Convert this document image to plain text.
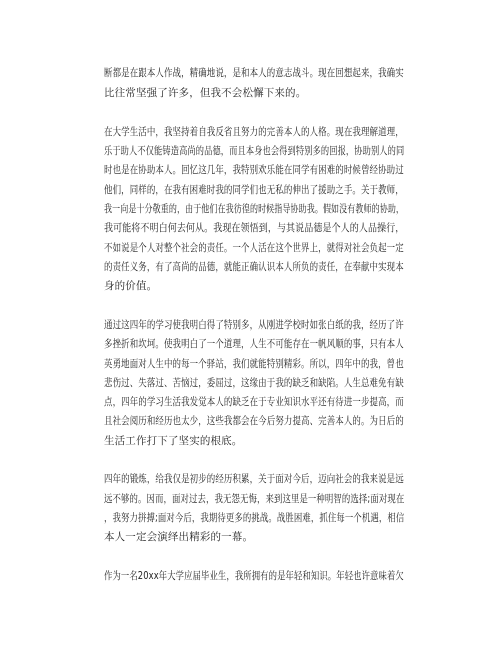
断都是在跟本人作战，精确地说，是和本人的意志战斗。现在回想起来，我确实
比往常坚强了许多，但我不会松懈下来的。
在大学生活中，我坚持着自我反省且努力的完善本人的人格。现在我理解道理，
乐于助人不仅能铸造高尚的品德，而且本身也会得到特别多的回报，协助别人的同
时也是在协助本人。回忆这几年，我特别欢乐能在同学有困难的时候曾经协助过
他们，同样的，在我有困难时我的同学们也无私的伸出了援助之手。关于教师，
我一向是十分敬重的，由于他们在我彷徨的时候指导协助我。假如没有教师的协助，
我可能将不明白何去何从。我现在领悟到，与其说品德是个人的人品操行，
不如说是个人对整个社会的责任。一个人活在这个世界上，就得对社会负起一定
的责任义务，有了高尚的品德，就能正确认识本人所负的责任，在奉献中实现本
身的价值。
通过这四年的学习使我明白得了特别多，从刚进学校时如张白纸的我，经历了许
多挫折和坎坷。使我明白了一个道理，人生不可能存在一帆风顺的事，只有本人
英勇地面对人生中的每一个驿站，我们就能特别精彩。所以，四年中的我，曾也
悲伤过、失落过、苦恼过，委屈过，这缘由于我的缺乏和缺陷。人生总难免有缺
点，四年的学习生活我发觉本人的缺乏在于专业知识水平还有待进一步提高，而
且社会阅历和经历也太少，这些我都会在今后努力提高、完善本人的。为日后的
生活工作打下了坚实的根底。
四年的锻炼，给我仅是初步的经历积累，关于面对今后，迈向社会的我来说是远
远不够的。因而，面对过去，我无怨无悔，来到这里是一种明智的选择;面对现在
，我努力拼搏;面对今后，我期待更多的挑战。战胜困难，抓住每一个机遇，相信
本人一定会演绎出精彩的一幕。
作为一名20xx年大学应届毕业生，我所拥有的是年轻和知识。年轻也许意味着欠
